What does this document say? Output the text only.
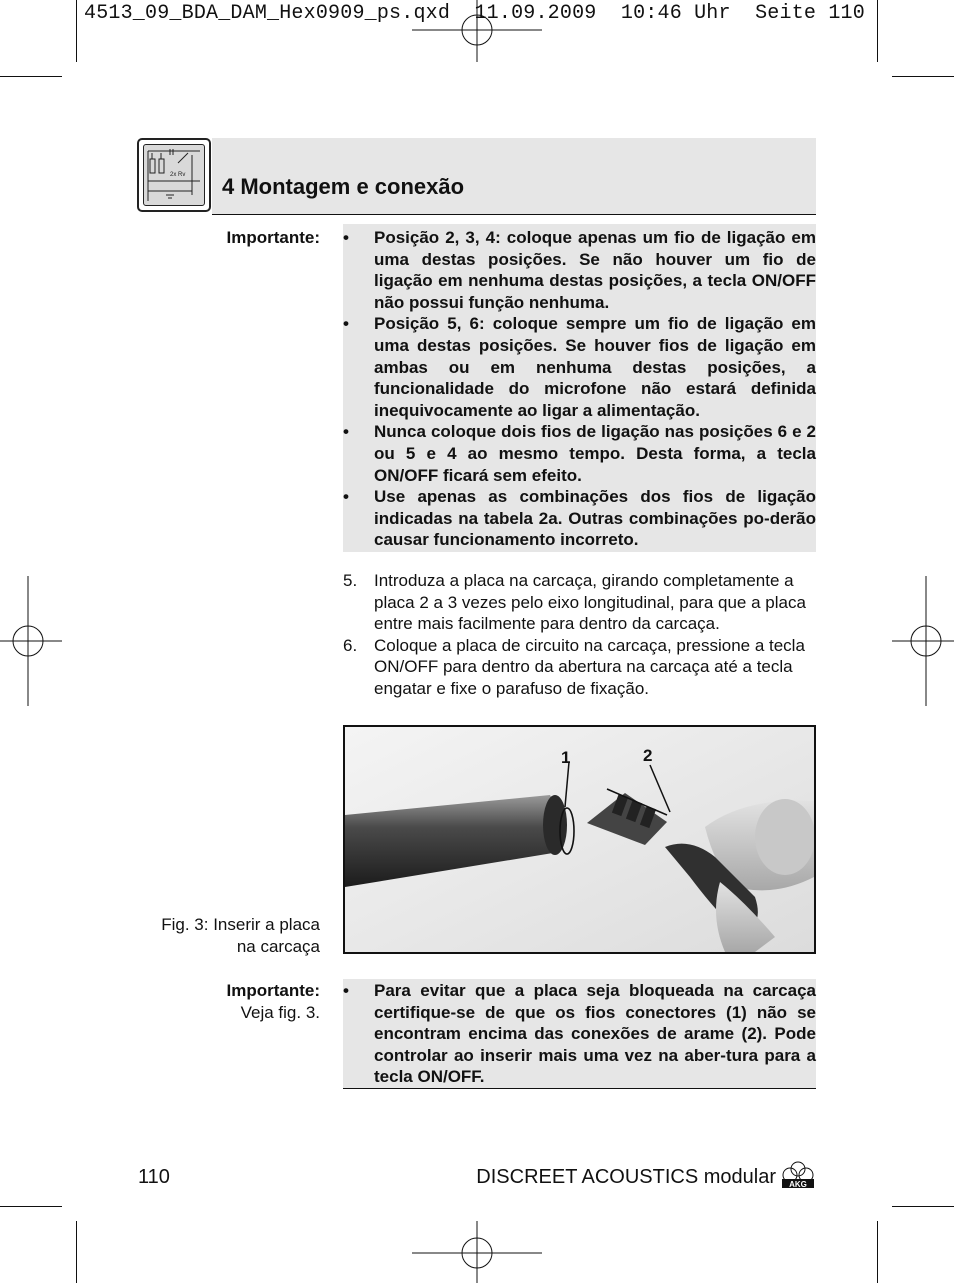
4513_09_BDA_DAM_Hex0909_ps.qxd  11.09.2009  10:46 Uhr  Seite 110
2x Rv 4 Montagem e conexão
Importante: •	Posição 2, 3, 4: coloque apenas um fio de ligação em uma destas posições. Se não houver um fio de ligação em nenhuma destas posições, a tecla ON/OFF não possui função nenhuma.
•	Posição 5, 6: coloque sempre um fio de ligação em uma destas posições. Se houver fios de ligação em ambas ou em nenhuma destas posições, a funcionalidade do microfone não estará definida inequivocamente ao ligar a alimentação.
•	Nunca coloque dois fios de ligação nas posições 6 e 2 ou 5 e 4 ao mesmo tempo. Desta forma, a tecla ON/OFF ficará sem efeito.
•	Use apenas as combinações dos fios de ligação indicadas na tabela 2a. Outras combinações po-derão causar funcionamento incorreto.
5. Introduza a placa na carcaça, girando completamente a placa 2 a 3 vezes pelo eixo longitudinal, para que a placa entre mais facilmente para dentro da carcaça.
6. Coloque a placa de circuito na carcaça, pressione a tecla ON/OFF para dentro da abertura na carcaça até a tecla engatar e fixe o parafuso de fixação.
1	2
Fig. 3: Inserir a placa
na carcaça
Importante:
Veja fig. 3.
•	Para evitar que a placa seja bloqueada na carcaça certifique-se de que os fios conectores (1) não se encontram encima das conexões de arame (2). Pode controlar ao inserir mais uma vez na aber-tura para a tecla ON/OFF.
110	DISCREET ACOUSTICS modular AKG
